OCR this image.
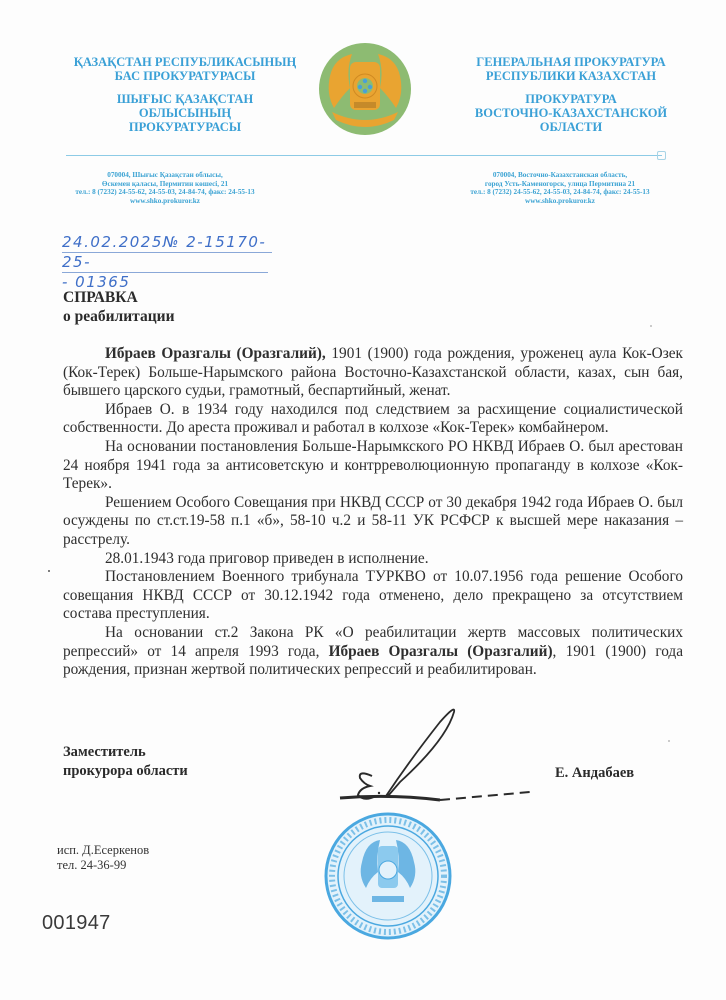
ҚАЗАҚСТАН РЕСПУБЛИКАСЫНЫҢ
БАС ПРОКУРАТУРАСЫ
ШЫҒЫС ҚАЗАҚСТАН
ОБЛЫСЫНЫҢ
ПРОКУРАТУРАСЫ
ГЕНЕРАЛЬНАЯ ПРОКУРАТУРА
РЕСПУБЛИКИ КАЗАХСТАН
ПРОКУРАТУРА
ВОСТОЧНО-КАЗАХСТАНСКОЙ
ОБЛАСТИ
070004, Шығыс Қазақстан облысы,
Өскемен қаласы, Пермитин көшесі, 21
тел.: 8 (7232) 24-55-62, 24-55-03, 24-84-74, факс: 24-55-13
www.shko.prokuror.kz
070004, Восточно-Казахстанская область,
город Усть-Каменогорск, улица Пермитина 21
тел.: 8 (7232) 24-55-62, 24-55-03, 24-84-74, факс: 24-55-13
www.shko.prokuror.kz
24.02.2025№ 2-15170-25-
- 01365
СПРАВКА
о реабилитации

Ибраев Оразгалы (Оразгалий), 1901 (1900) года рождения, уроженец аула Кок-Озек (Кок-Терек) Больше-Нарымского района Восточно-Казахстанской области, казах, сын бая, бывшего царского судьи, грамотный, беспартийный, женат.

Ибраев О. в 1934 году находился под следствием за расхищение социалистической собственности. До ареста проживал и работал в колхозе «Кок-Терек» комбайнером.

На основании постановления Больше-Нарымкского РО НКВД Ибраев О. был арестован 24 ноября 1941 года за антисоветскую и контрреволюционную пропаганду в колхозе «Кок-Терек».

Решением Особого Совещания при НКВД СССР от 30 декабря 1942 года Ибраев О. был осуждены по ст.ст.19-58 п.1 «б», 58-10 ч.2 и 58-11 УК РСФСР к высшей мере наказания – расстрелу.

28.01.1943 года приговор приведен в исполнение.

Постановлением Военного трибунала ТУРКВО от 10.07.1956 года решение Особого совещания НКВД СССР от 30.12.1942 года отменено, дело прекращено за отсутствием состава преступления.

На основании ст.2 Закона РК «О реабилитации жертв массовых политических репрессий» от 14 апреля 1993 года, Ибраев Оразгалы (Оразгалий), 1901 (1900) года рождения, признан жертвой политических репрессий и реабилитирован.

Заместитель
прокурора области	Е. Андабаев
исп. Д.Есеркенов
тел. 24-36-99
001947
